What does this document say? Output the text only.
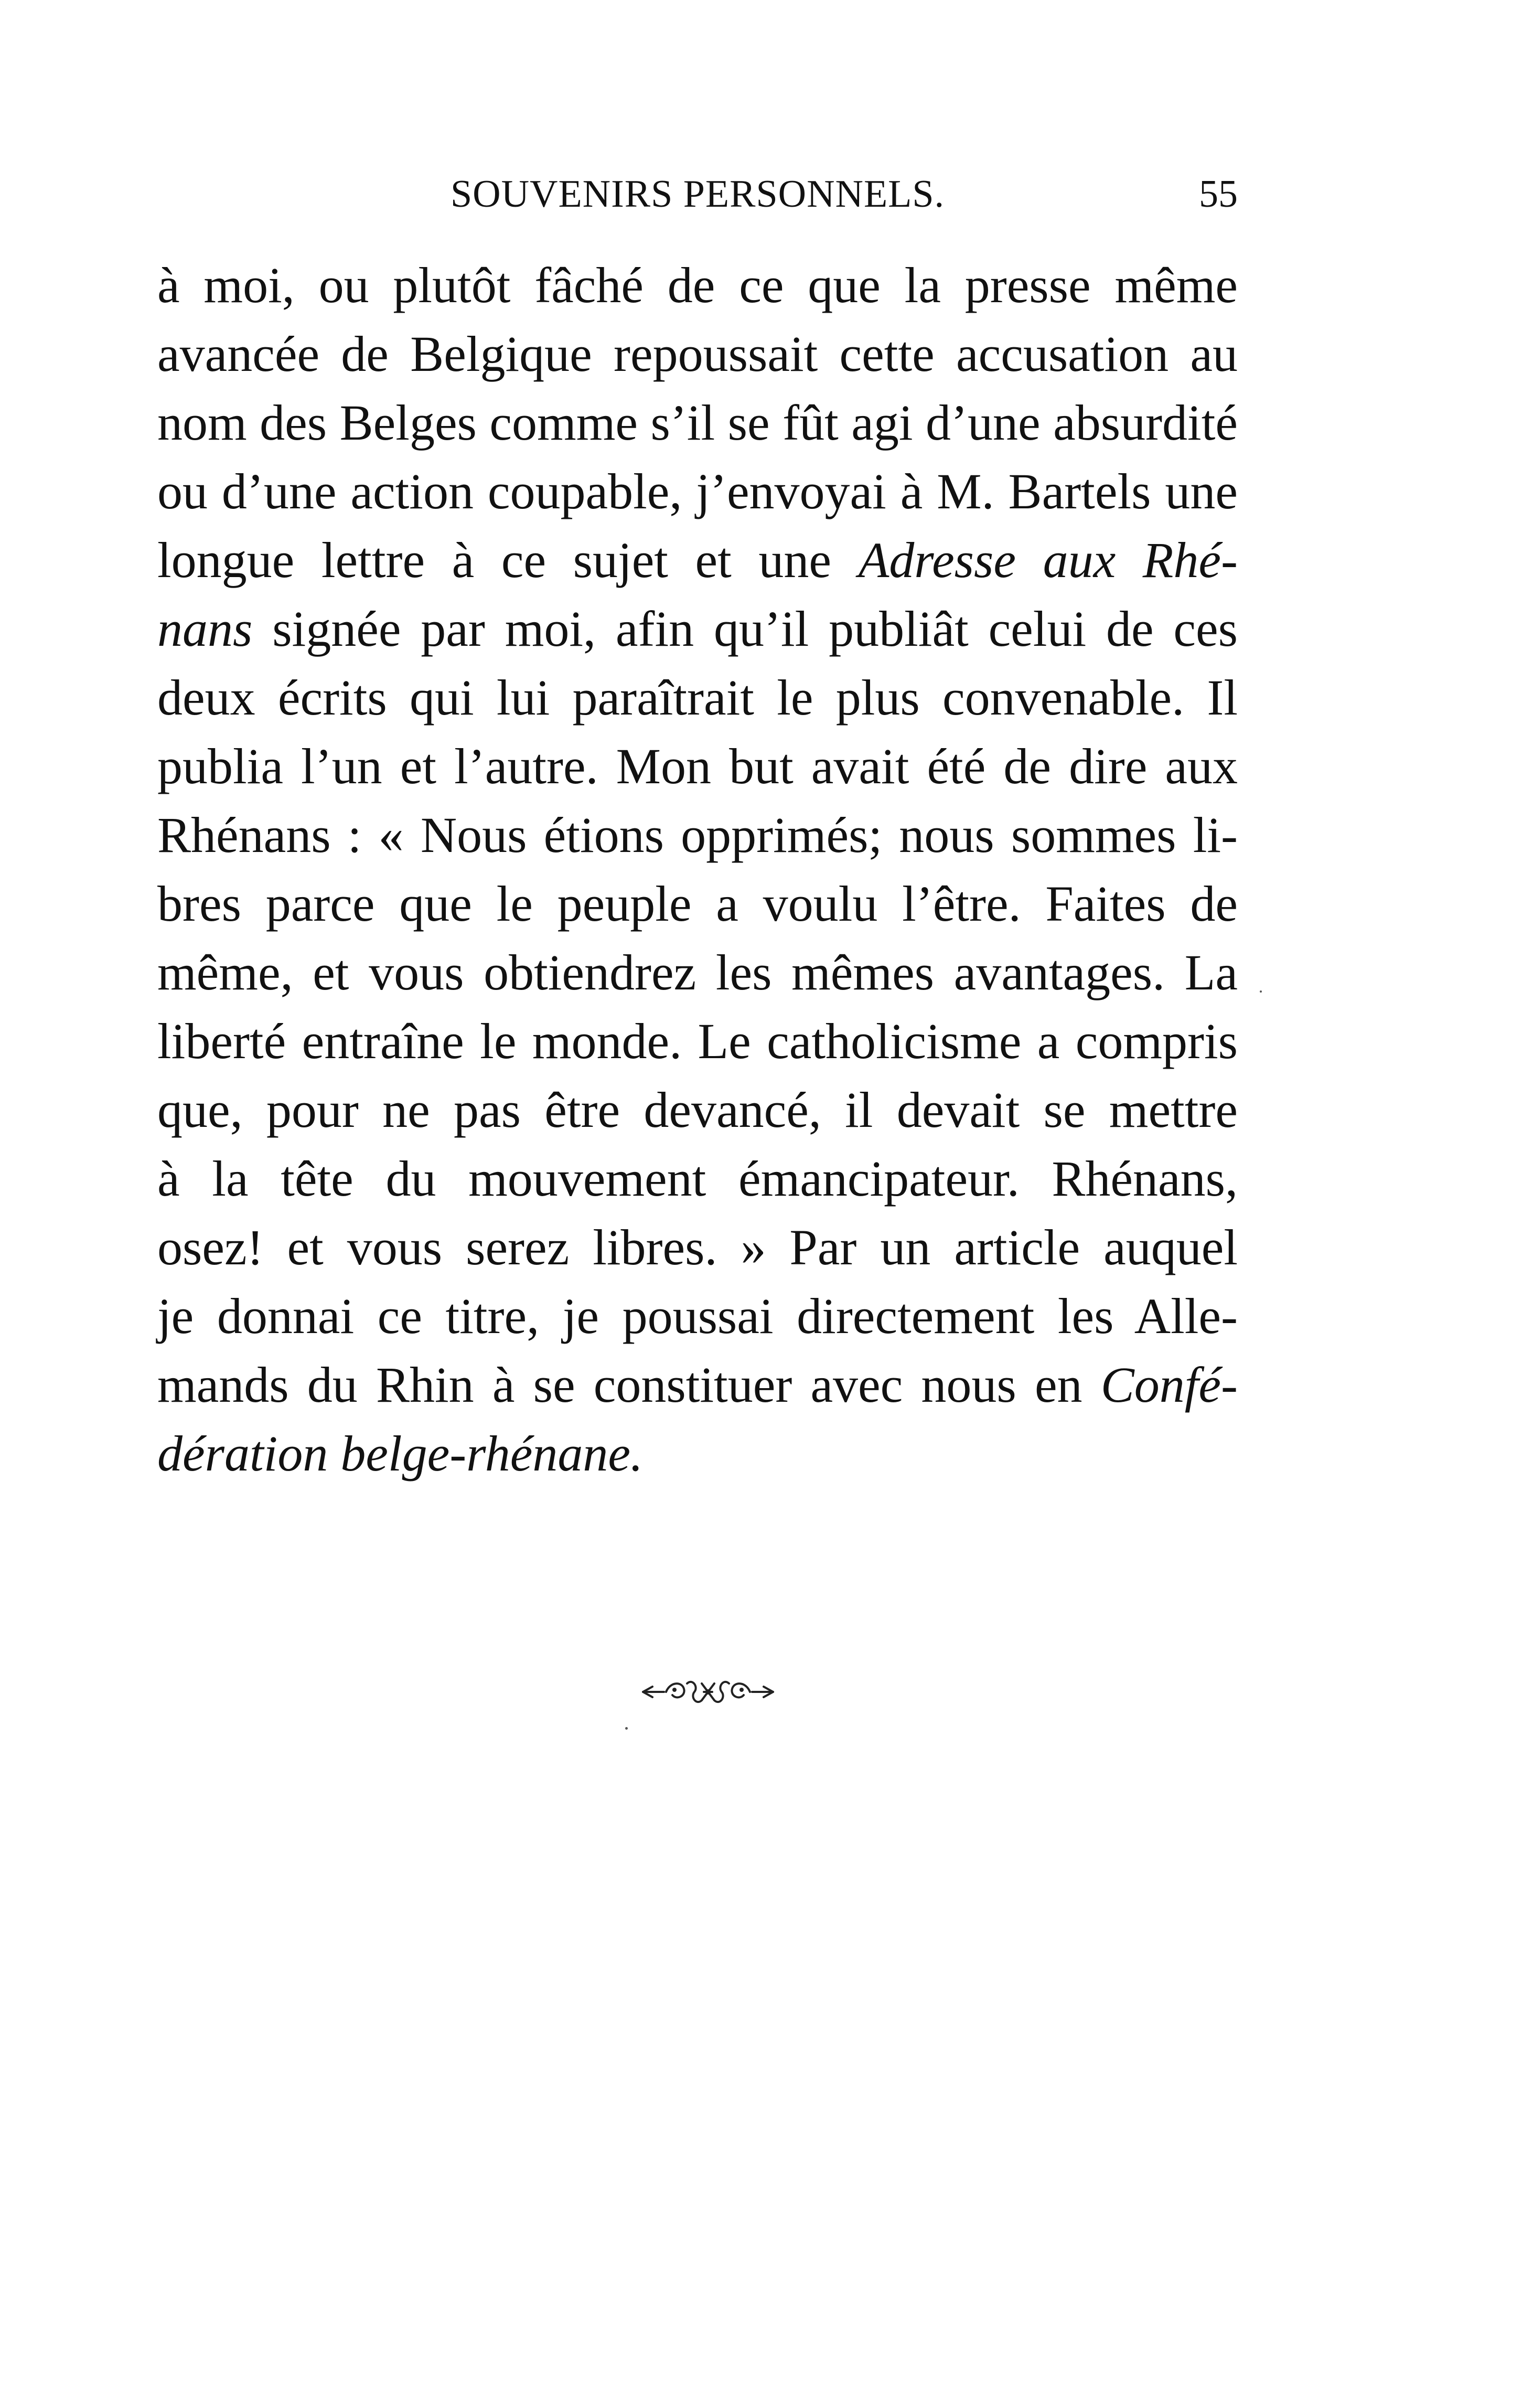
SOUVENIRS PERSONNELS.	55
à moi, ou plutôt fâché de ce que la presse même
avancée de Belgique repoussait cette accusation au
nom des Belges comme s’il se fût agi d’une absurdité
ou d’une action coupable, j’envoyai à M. Bartels une
longue lettre à ce sujet et une Adresse aux Rhé-
nans signée par moi, afin qu’il publiât celui de ces
deux écrits qui lui paraîtrait le plus convenable. Il
publia l’un et l’autre. Mon but avait été de dire aux
Rhénans : « Nous étions opprimés; nous sommes li-
bres parce que le peuple a voulu l’être. Faites de
même, et vous obtiendrez les mêmes avantages. La
liberté entraîne le monde. Le catholicisme a compris
que, pour ne pas être devancé, il devait se mettre
à la tête du mouvement émancipateur. Rhénans,
osez! et vous serez libres. » Par un article auquel
je donnai ce titre, je poussai directement les Alle-
mands du Rhin à se constituer avec nous en Confé-
dération belge-rhénane.
